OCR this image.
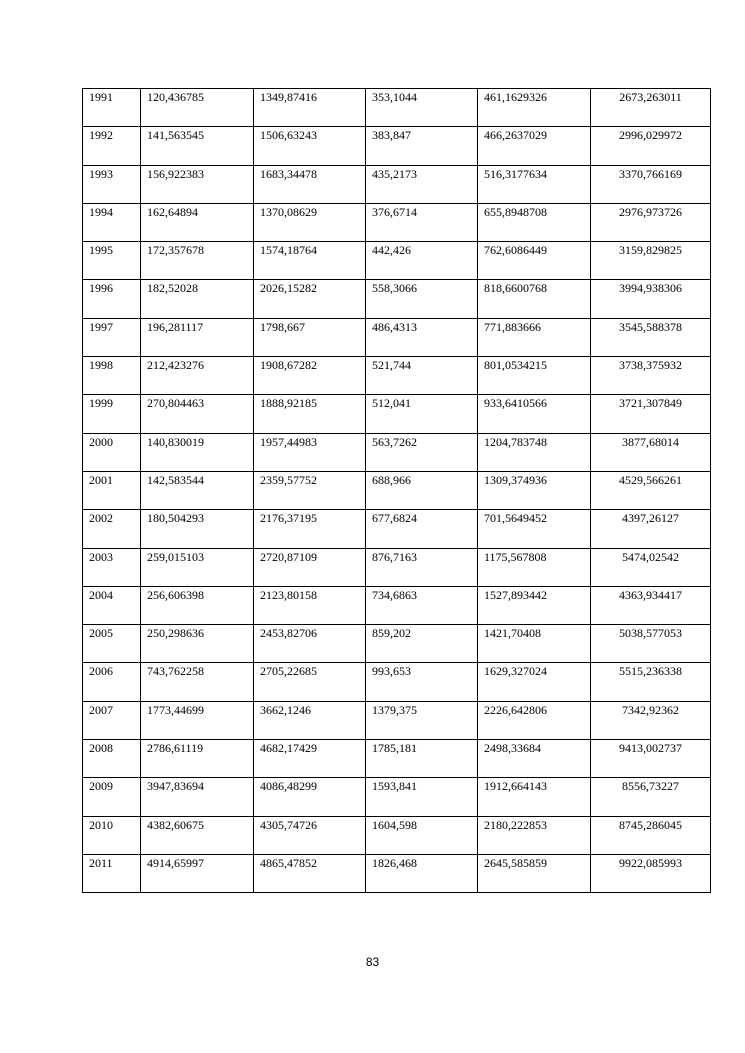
1991	120,436785	1349,87416	353,1044	461,1629326	2673,263011
1992	141,563545	1506,63243	383,847	466,2637029	2996,029972
1993	156,922383	1683,34478	435,2173	516,3177634	3370,766169
1994	162,64894	1370,08629	376,6714	655,8948708	2976,973726
1995	172,357678	1574,18764	442,426	762,6086449	3159,829825
1996	182,52028	2026,15282	558,3066	818,6600768	3994,938306
1997	196,281117	1798,667	486,4313	771,883666	3545,588378
1998	212,423276	1908,67282	521,744	801,0534215	3738,375932
1999	270,804463	1888,92185	512,041	933,6410566	3721,307849
2000	140,830019	1957,44983	563,7262	1204,783748	3877,68014
2001	142,583544	2359,57752	688,966	1309,374936	4529,566261
2002	180,504293	2176,37195	677,6824	701,5649452	4397,26127
2003	259,015103	2720,87109	876,7163	1175,567808	5474,02542
2004	256,606398	2123,80158	734,6863	1527,893442	4363,934417
2005	250,298636	2453,82706	859,202	1421,70408	5038,577053
2006	743,762258	2705,22685	993,653	1629,327024	5515,236338
2007	1773,44699	3662,1246	1379,375	2226,642806	7342,92362
2008	2786,61119	4682,17429	1785,181	2498,33684	9413,002737
2009	3947,83694	4086,48299	1593,841	1912,664143	8556,73227
2010	4382,60675	4305,74726	1604,598	2180,222853	8745,286045
2011	4914,65997	4865,47852	1826,468	2645,585859	9922,085993
83
